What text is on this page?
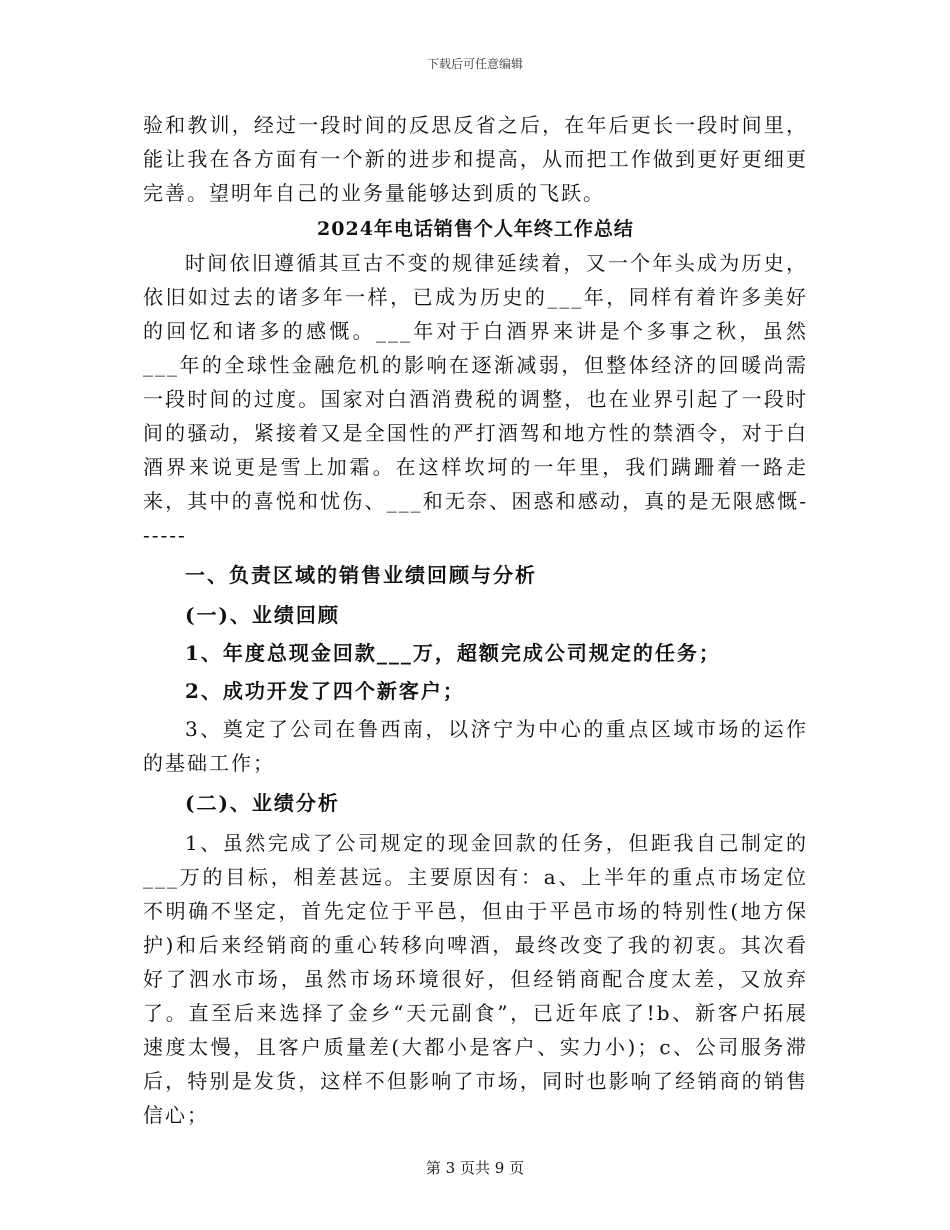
下载后可任意编辑

验和教训，经过一段时间的反思反省之后，在年后更长一段时间里，能让我在各方面有一个新的进步和提高，从而把工作做到更好更细更完善。望明年自己的业务量能够达到质的飞跃。

2024年电话销售个人年终工作总结

时间依旧遵循其亘古不变的规律延续着，又一个年头成为历史，依旧如过去的诸多年一样，已成为历史的___年，同样有着许多美好的回忆和诸多的感慨。___年对于白酒界来讲是个多事之秋，虽然___年的全球性金融危机的影响在逐渐减弱，但整体经济的回暖尚需一段时间的过度。国家对白酒消费税的调整，也在业界引起了一段时间的骚动，紧接着又是全国性的严打酒驾和地方性的禁酒令，对于白酒界来说更是雪上加霜。在这样坎坷的一年里，我们蹒跚着一路走来，其中的喜悦和忧伤、___和无奈、困惑和感动，真的是无限感慨------

一、负责区域的销售业绩回顾与分析
(一)、业绩回顾
1、年度总现金回款___万，超额完成公司规定的任务；
2、成功开发了四个新客户；

3、奠定了公司在鲁西南，以济宁为中心的重点区域市场的运作的基础工作；

(二)、业绩分析

1、虽然完成了公司规定的现金回款的任务，但距我自己制定的___万的目标，相差甚远。主要原因有：a、上半年的重点市场定位不明确不坚定，首先定位于平邑，但由于平邑市场的特别性(地方保护)和后来经销商的重心转移向啤酒，最终改变了我的初衷。其次看好了泗水市场，虽然市场环境很好，但经销商配合度太差，又放弃了。直至后来选择了金乡“天元副食”，已近年底了!b、新客户拓展速度太慢，且客户质量差(大都小是客户、实力小)；c、公司服务滞后，特别是发货，这样不但影响了市场，同时也影响了经销商的销售信心；

第 3 页共 9 页
